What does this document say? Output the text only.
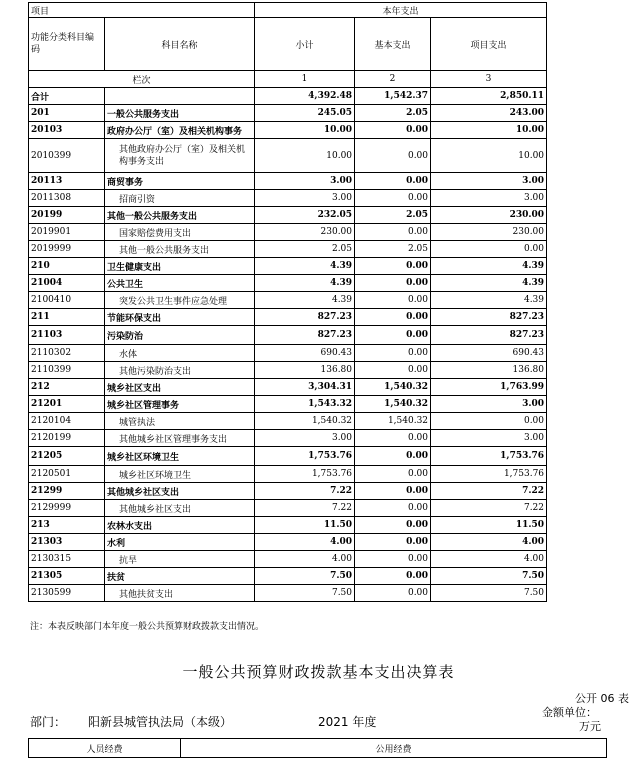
项目		本年支出		
功能分类科目编码	科目名称	小计	基本支出	项目支出
栏次		1	2	3
合计		4,392.48	1,542.37	2,850.11
201	一般公共服务支出	245.05	2.05	243.00
20103	政府办公厅（室）及相关机构事务	10.00	0.00	10.00
2010399	其他政府办公厅（室）及相关机构事务支出	10.00	0.00	10.00
20113	商贸事务	3.00	0.00	3.00
2011308	招商引资	3.00	0.00	3.00
20199	其他一般公共服务支出	232.05	2.05	230.00
2019901	国家赔偿费用支出	230.00	0.00	230.00
2019999	其他一般公共服务支出	2.05	2.05	0.00
210	卫生健康支出	4.39	0.00	4.39
21004	公共卫生	4.39	0.00	4.39
2100410	突发公共卫生事件应急处理	4.39	0.00	4.39
211	节能环保支出	827.23	0.00	827.23
21103	污染防治	827.23	0.00	827.23
2110302	水体	690.43	0.00	690.43
2110399	其他污染防治支出	136.80	0.00	136.80
212	城乡社区支出	3,304.31	1,540.32	1,763.99
21201	城乡社区管理事务	1,543.32	1,540.32	3.00
2120104	城管执法	1,540.32	1,540.32	0.00
2120199	其他城乡社区管理事务支出	3.00	0.00	3.00
21205	城乡社区环境卫生	1,753.76	0.00	1,753.76
2120501	城乡社区环境卫生	1,753.76	0.00	1,753.76
21299	其他城乡社区支出	7.22	0.00	7.22
2129999	其他城乡社区支出	7.22	0.00	7.22
213	农林水支出	11.50	0.00	11.50
21303	水利	4.00	0.00	4.00
2130315	抗旱	4.00	0.00	4.00
21305	扶贫	7.50	0.00	7.50
2130599	其他扶贫支出	7.50	0.00	7.50
注：本表反映部门本年度一般公共预算财政拨款支出情况。
一般公共预算财政拨款基本支出决算表
公开 06 表
金额单位：
万元
部门： 阳新县城管执法局（本级）	2021 年度
人员经费	公用经费
